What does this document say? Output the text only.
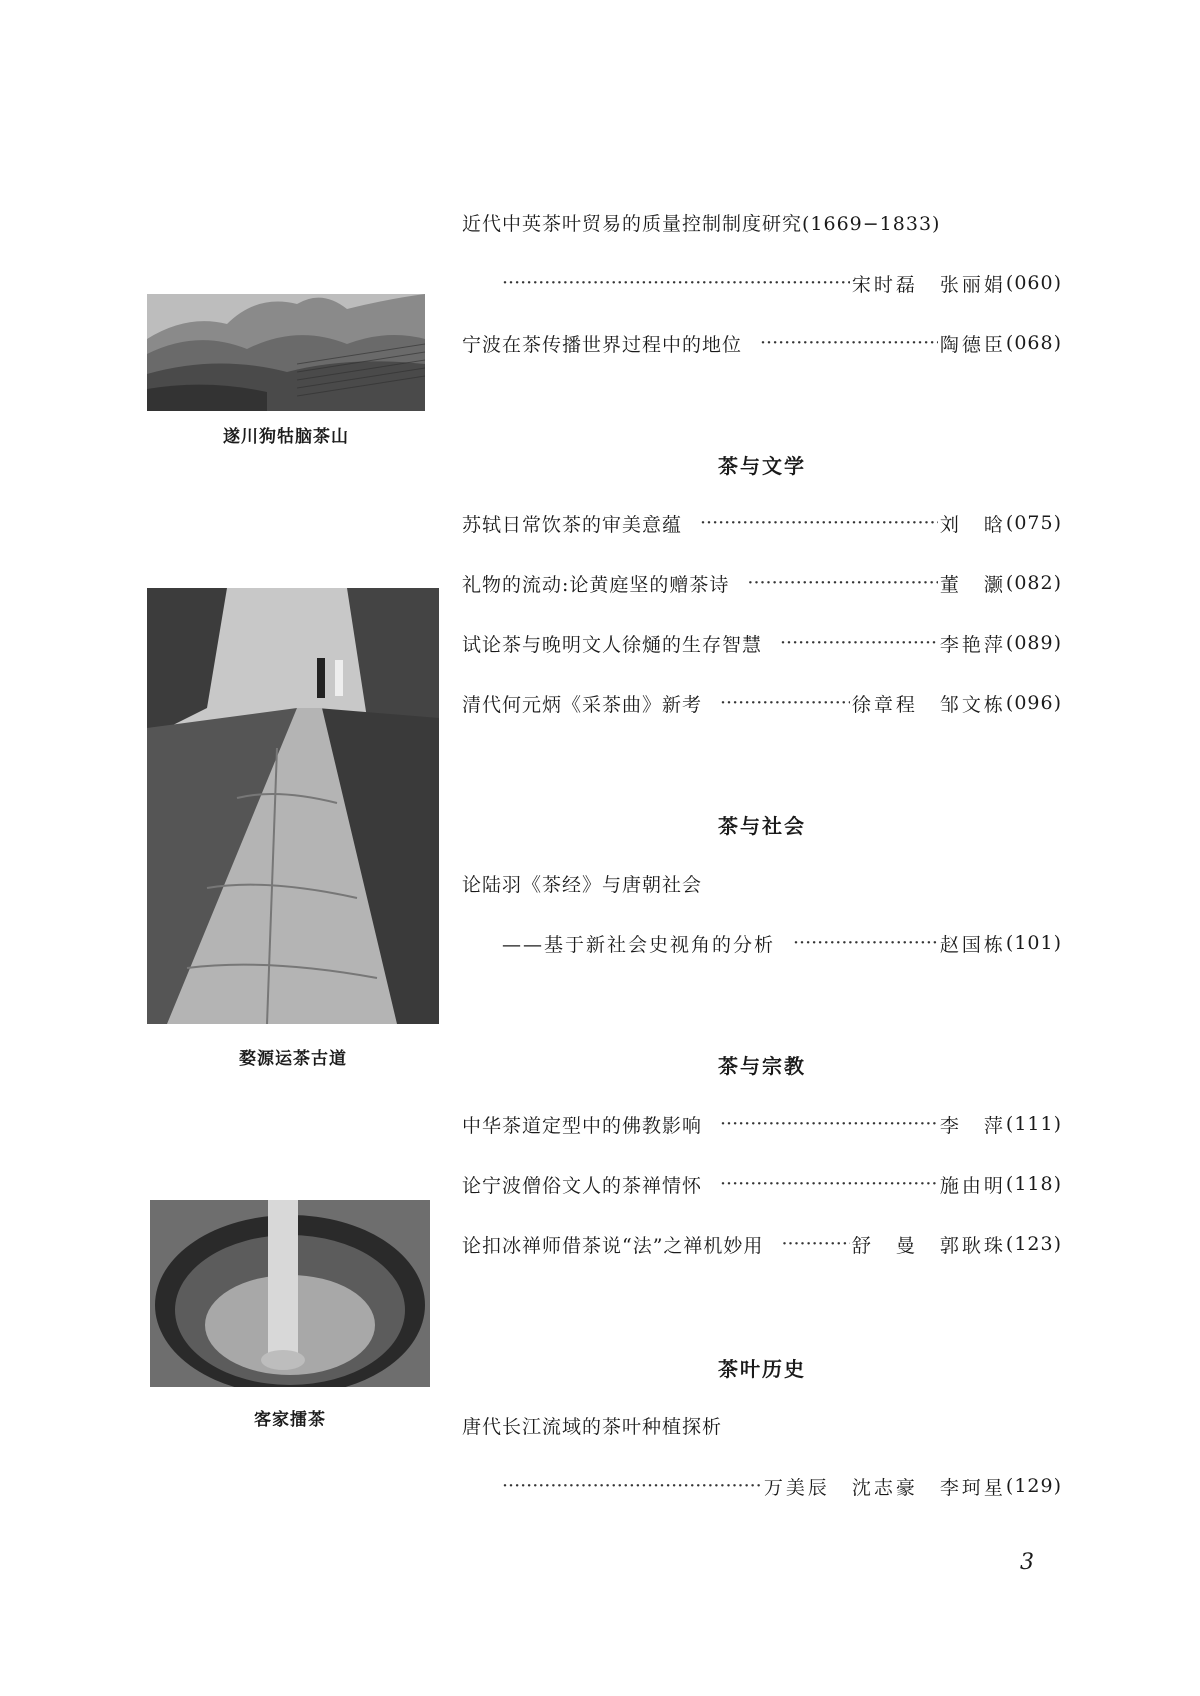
遂川狗牯脑茶山
婺源运茶古道
客家擂茶
近代中英茶叶贸易的质量控制制度研究(1669−1833)
·····
宋时磊　张丽娟 (060)
宁波在茶传播世界过程中的地位 ·····	陶德臣 (068)
茶与文学
苏轼日常饮茶的审美意蕴 ·····	刘　晗 (075)
礼物的流动:论黄庭坚的赠茶诗 ·····	董　灏 (082)
试论茶与晚明文人徐熥的生存智慧 ·····	李艳萍 (089)
清代何元炳《采茶曲》新考 ·····	徐章程　邹文栋 (096)
茶与社会
论陆羽《茶经》与唐朝社会
——基于新社会史视角的分析 ·····	赵国栋 (101)
茶与宗教
中华茶道定型中的佛教影响 ·····	李　萍 (111)
论宁波僧俗文人的茶禅情怀 ·····	施由明 (118)
论扣冰禅师借茶说“法”之禅机妙用 ·····	舒　曼　郭耿珠 (123)
茶叶历史
唐代长江流域的茶叶种植探析
·····
万美辰　沈志豪　李珂星 (129)
3
